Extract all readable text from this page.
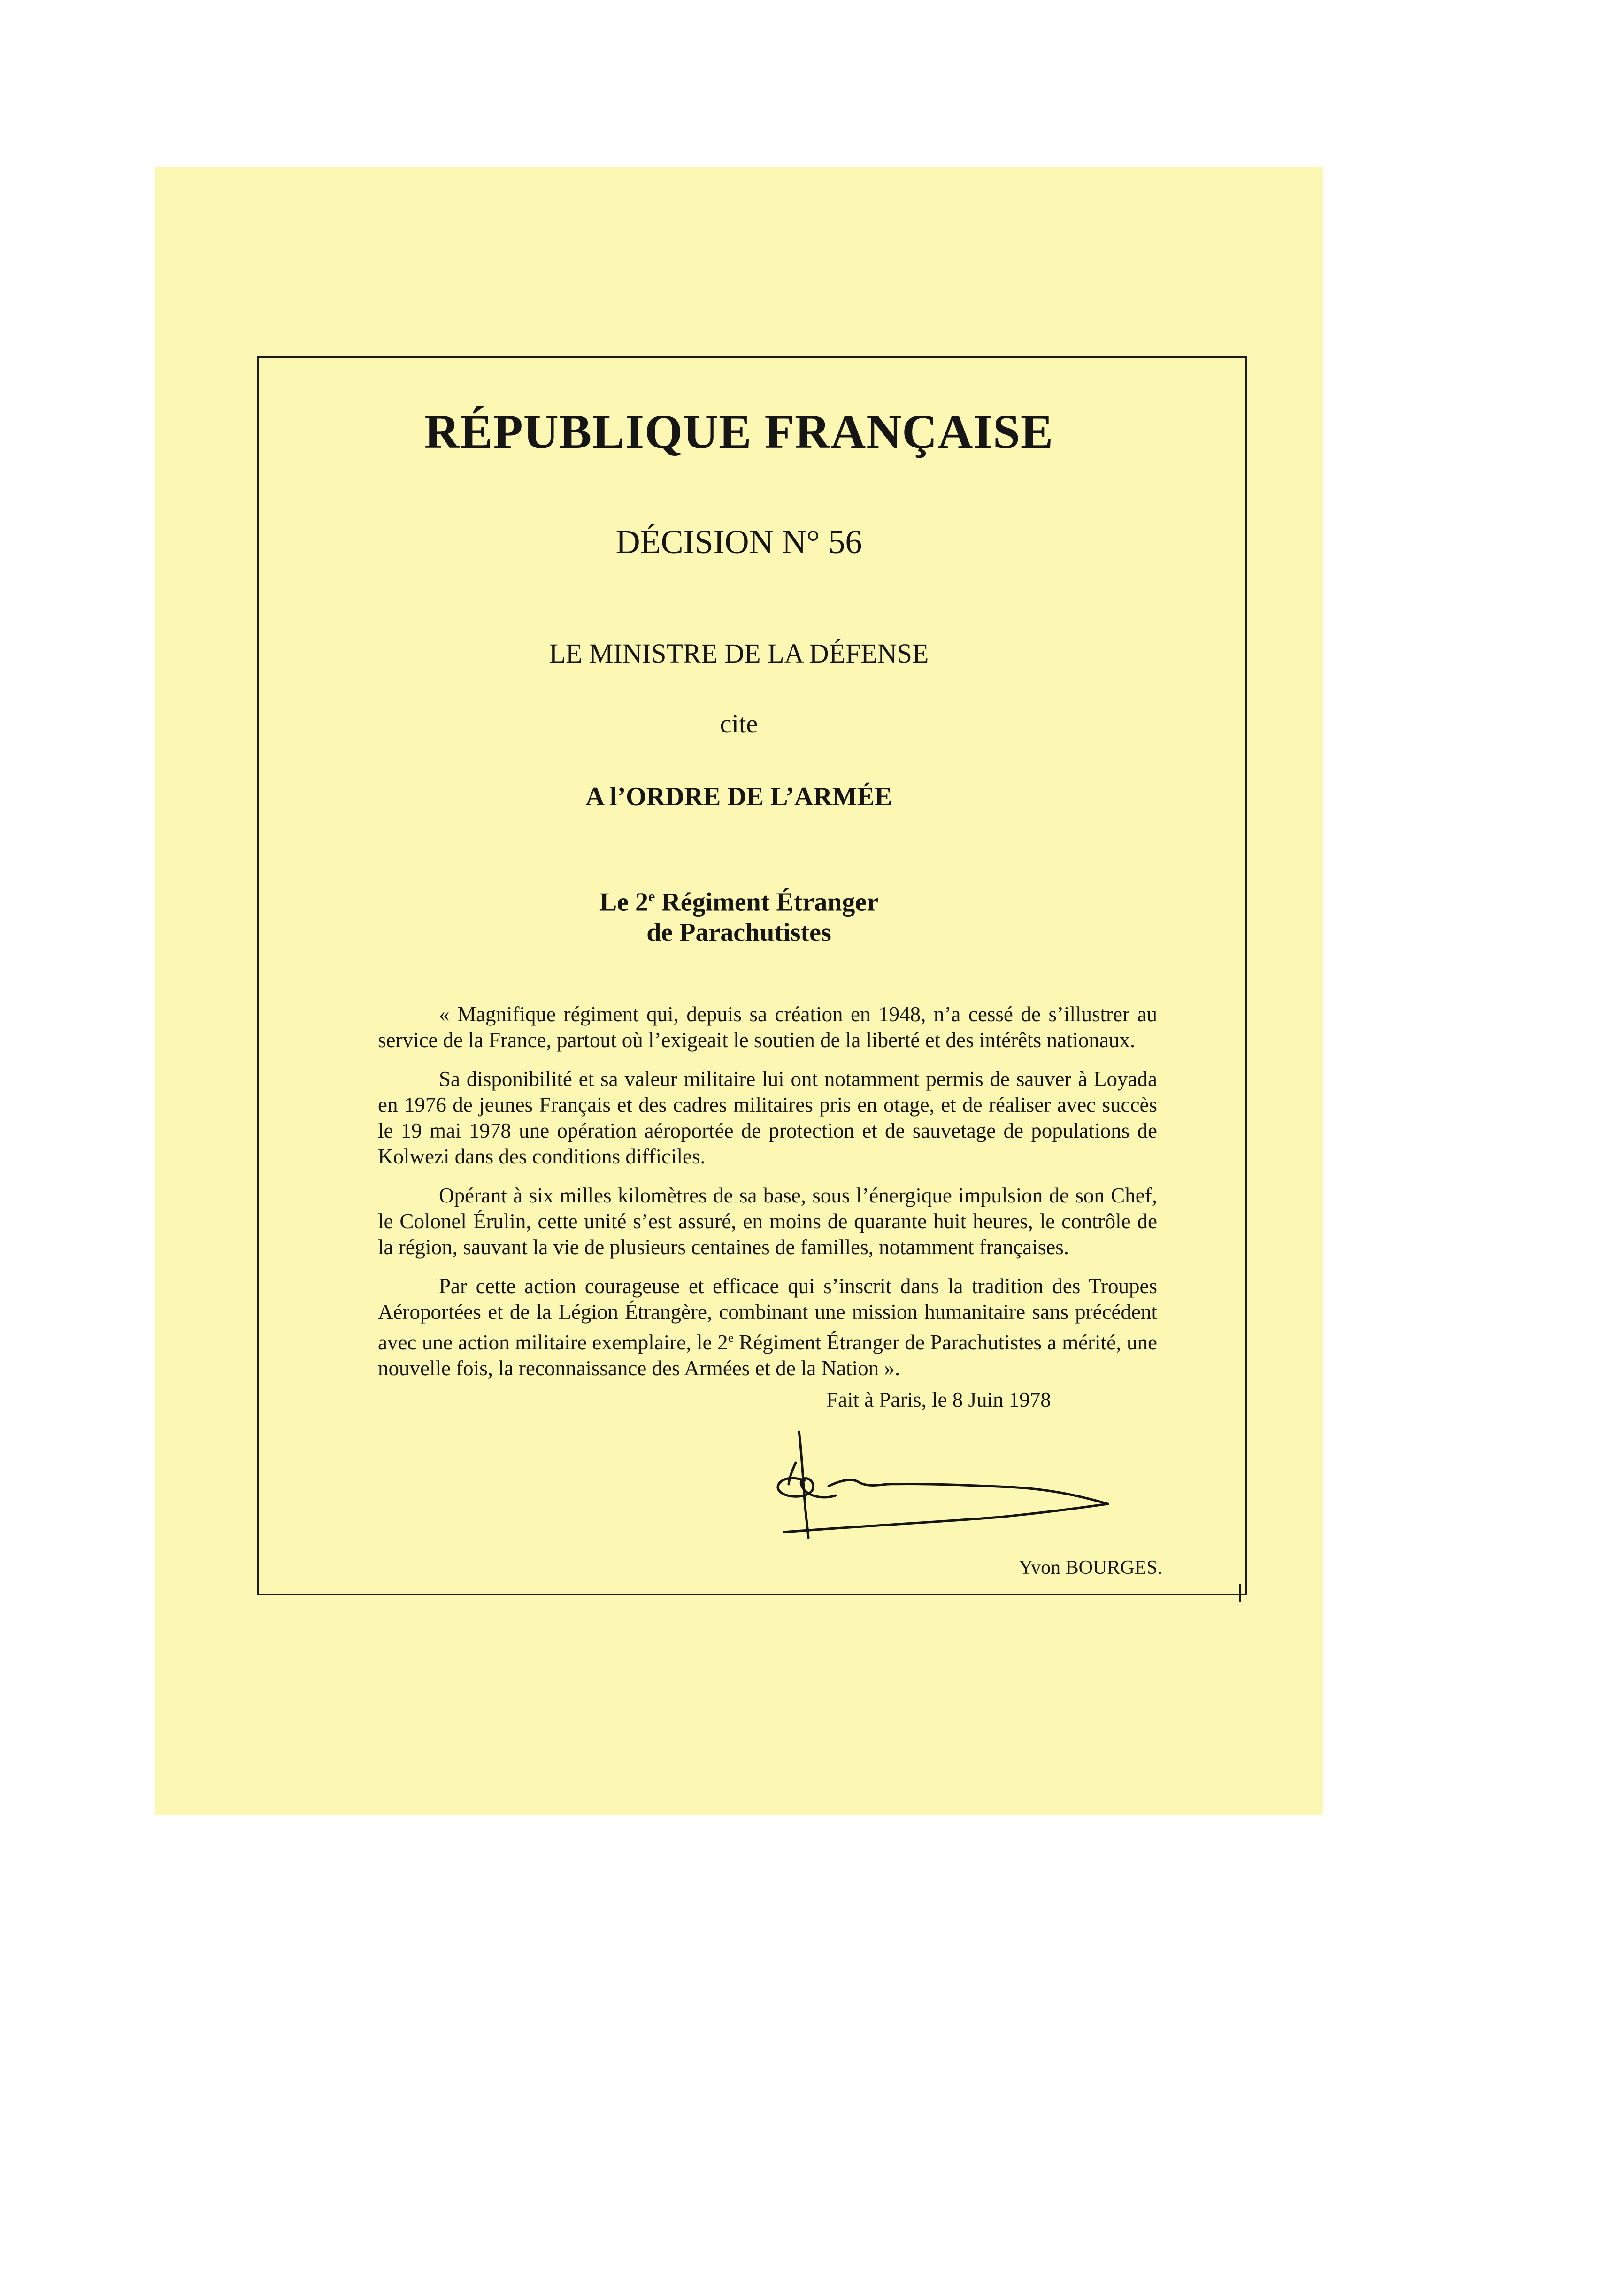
RÉPUBLIQUE FRANÇAISE
DÉCISION N° 56
LE MINISTRE DE LA DÉFENSE
cite
A l’ORDRE DE L’ARMÉE
Le 2e Régiment Étranger
de Parachutistes

« Magnifique régiment qui, depuis sa création en 1948, n’a cessé de s’illustrer au service de la France, partout où l’exigeait le soutien de la liberté et des intérêts nationaux.

Sa disponibilité et sa valeur militaire lui ont notamment permis de sauver à Loyada en 1976 de jeunes Français et des cadres militaires pris en otage, et de réaliser avec succès le 19 mai 1978 une opération aéroportée de protection et de sauvetage de populations de Kolwezi dans des conditions difficiles.

Opérant à six milles kilomètres de sa base, sous l’énergique impulsion de son Chef, le Colonel Érulin, cette unité s’est assuré, en moins de quarante huit heures, le contrôle de la région, sauvant la vie de plusieurs centaines de familles, notamment françaises.

Par cette action courageuse et efficace qui s’inscrit dans la tradition des Troupes Aéroportées et de la Légion Étrangère, combinant une mission humanitaire sans précédent avec une action militaire exemplaire, le 2e Régiment Étranger de Parachutistes a mérité, une nouvelle fois, la reconnaissance des Armées et de la Nation ».

Fait à Paris, le 8 Juin 1978
Yvon BOURGES.
